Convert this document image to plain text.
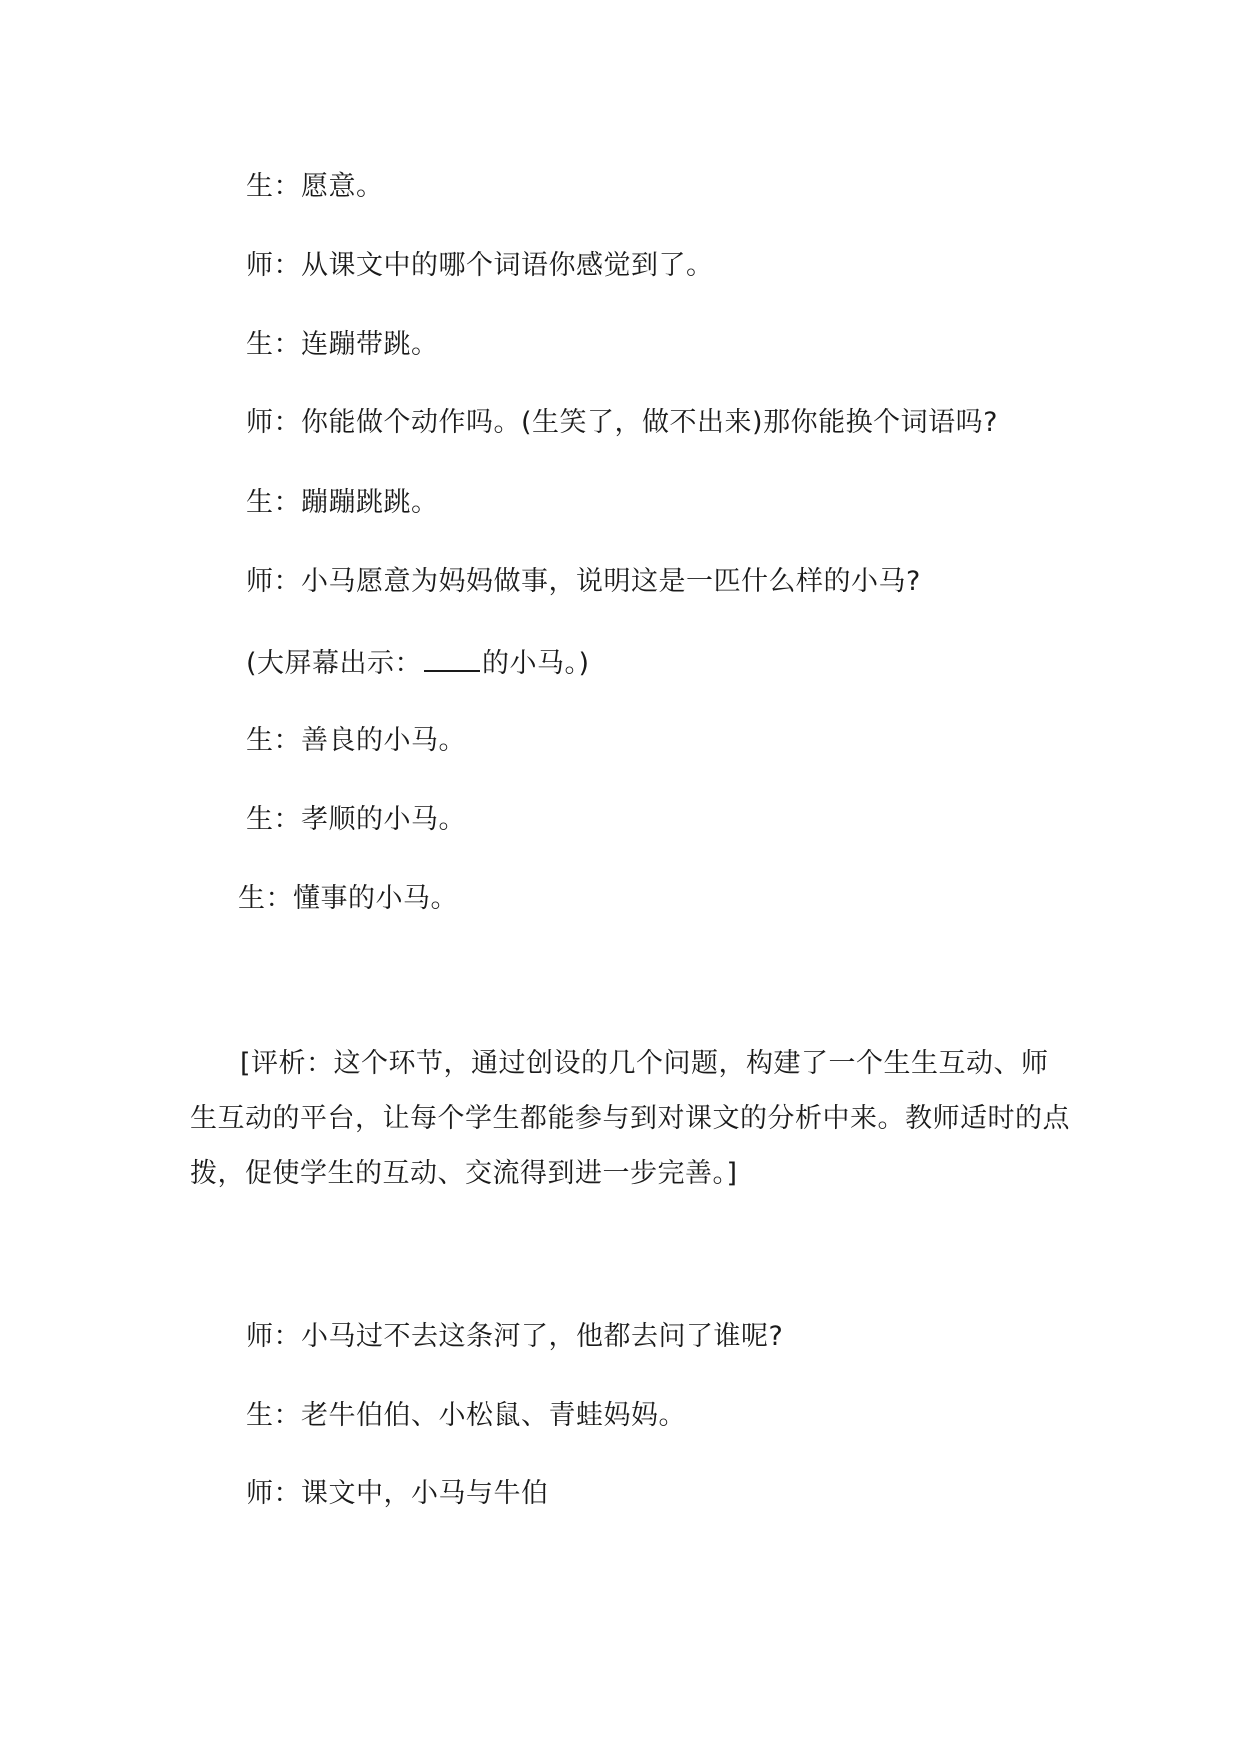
生：愿意。
师：从课文中的哪个词语你感觉到了。
生：连蹦带跳。
师：你能做个动作吗。(生笑了，做不出来)那你能换个词语吗?
生：蹦蹦跳跳。
师：小马愿意为妈妈做事，说明这是一匹什么样的小马?
(大屏幕出示： 的小马。)
生：善良的小马。
生：孝顺的小马。
生：懂事的小马。
[评析：这个环节，通过创设的几个问题，构建了一个生生互动、师生互动的平台，让每个学生都能参与到对课文的分析中来。教师适时的点拨，促使学生的互动、交流得到进一步完善。]
师：小马过不去这条河了，他都去问了谁呢?
生：老牛伯伯、小松鼠、青蛙妈妈。
师：课文中，小马与牛伯
